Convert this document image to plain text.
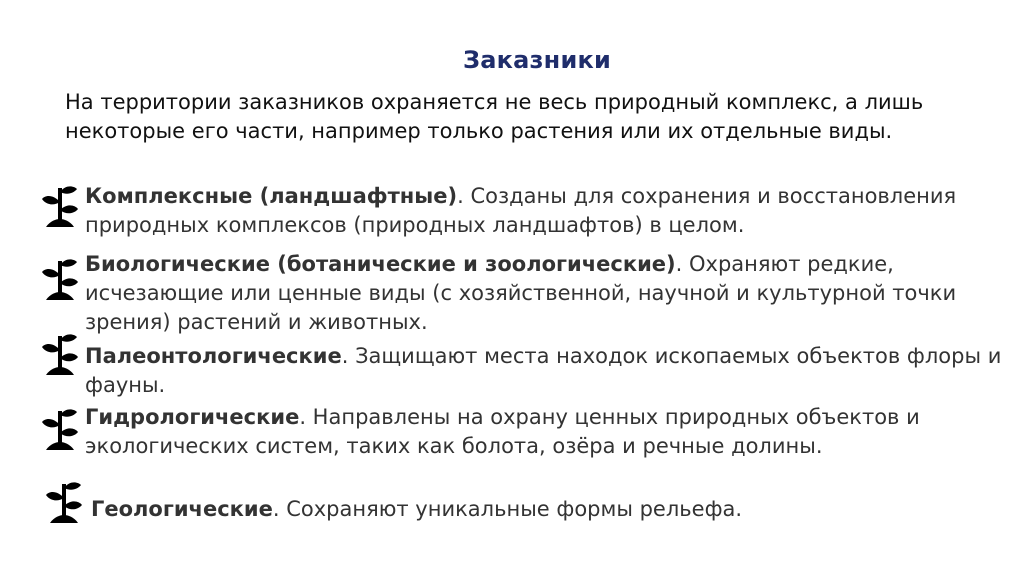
Заказники
На территории заказников охраняется не весь природный комплекс, а лишь некоторые его части, например только растения или их отдельные виды.
Комплексные (ландшафтные). Созданы для сохранения и восстановления природных комплексов (природных ландшафтов) в целом.
Биологические (ботанические и зоологические). Охраняют редкие, исчезающие или ценные виды (с хозяйственной, научной и культурной точки зрения) растений и животных.
Палеонтологические. Защищают места находок ископаемых объектов флоры и фауны.
Гидрологические. Направлены на охрану ценных природных объектов и экологических систем, таких как болота, озёра и речные долины.
Геологические. Сохраняют уникальные формы рельефа.
